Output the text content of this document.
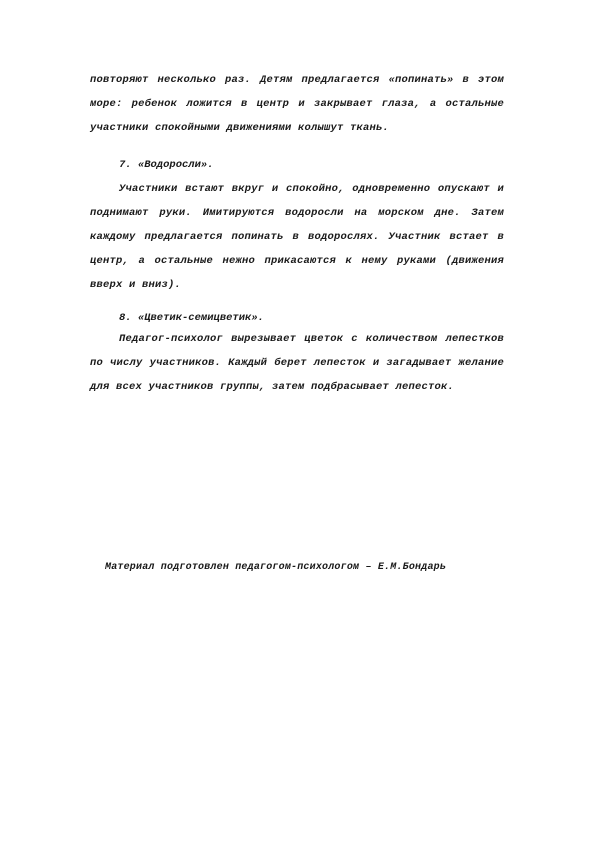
повторяют несколько раз. Детям предлагается «попинать» в этом море: ребенок ложится в центр и закрывает глаза, а остальные участники спокойными движениями колышут ткань.

7. «Водоросли».

Участники встают вкруг и спокойно, одновременно опускают и поднимают руки. Имитируются водоросли на морском дне. Затем каждому предлагается попинать в водорослях. Участник встает в центр, а остальные нежно прикасаются к нему руками (движения вверх и вниз).

8. «Цветик-семицветик».

Педагог-психолог вырезывает цветок с количеством лепестков по числу участников. Каждый берет лепесток и загадывает желание для всех участников группы, затем подбрасывает лепесток.

Материал подготовлен педагогом-психологом – Е.М.Бондарь
